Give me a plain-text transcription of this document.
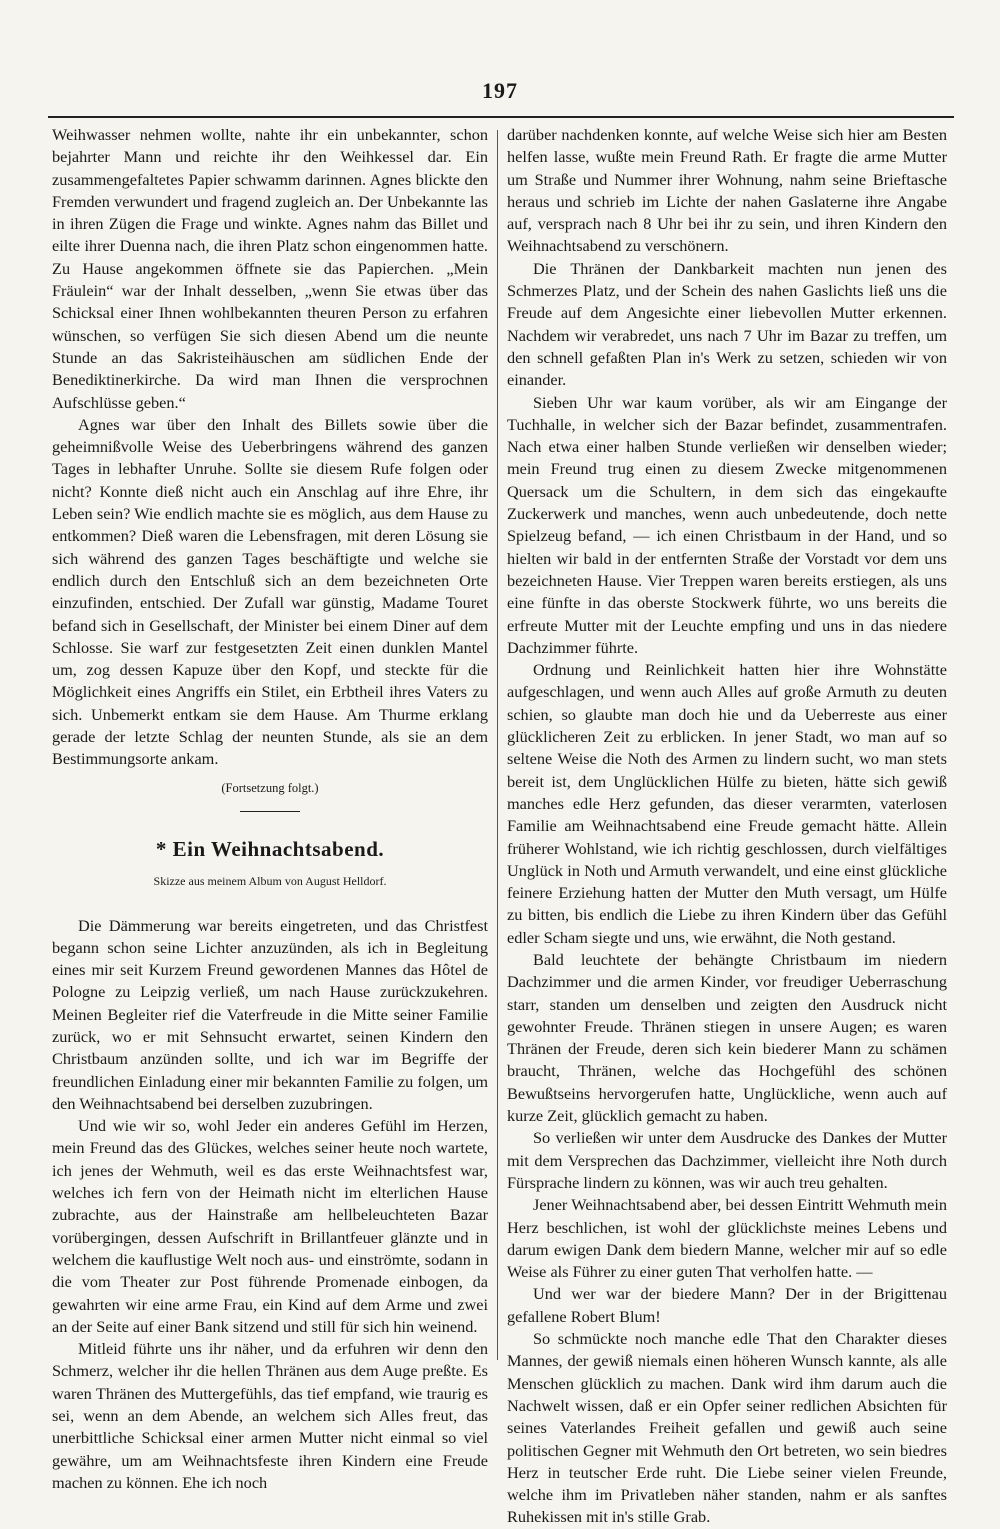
197

Weihwasser nehmen wollte, nahte ihr ein unbekannter, schon bejahrter Mann und reichte ihr den Weihkessel dar. Ein zusammengefaltetes Papier schwamm darinnen. Agnes blickte den Fremden verwundert und fragend zugleich an. Der Unbekannte las in ihren Zügen die Frage und winkte. Agnes nahm das Billet und eilte ihrer Duenna nach, die ihren Platz schon eingenommen hatte. Zu Hause angekommen öffnete sie das Papierchen. „Mein Fräulein“ war der Inhalt desselben, „wenn Sie etwas über das Schicksal einer Ihnen wohlbekannten theuren Person zu erfahren wünschen, so verfügen Sie sich diesen Abend um die neunte Stunde an das Sakristeihäuschen am südlichen Ende der Benediktinerkirche. Da wird man Ihnen die versprochnen Aufschlüsse geben.“

Agnes war über den Inhalt des Billets sowie über die geheimnißvolle Weise des Ueberbringens während des ganzen Tages in lebhafter Unruhe. Sollte sie diesem Rufe folgen oder nicht? Konnte dieß nicht auch ein Anschlag auf ihre Ehre, ihr Leben sein? Wie endlich machte sie es möglich, aus dem Hause zu entkommen? Dieß waren die Lebensfragen, mit deren Lösung sie sich während des ganzen Tages beschäftigte und welche sie endlich durch den Entschluß sich an dem bezeichneten Orte einzufinden, entschied. Der Zufall war günstig, Madame Touret befand sich in Gesellschaft, der Minister bei einem Diner auf dem Schlosse. Sie warf zur festgesetzten Zeit einen dunklen Mantel um, zog dessen Kapuze über den Kopf, und steckte für die Möglichkeit eines Angriffs ein Stilet, ein Erbtheil ihres Vaters zu sich. Unbemerkt entkam sie dem Hause. Am Thurme erklang gerade der letzte Schlag der neunten Stunde, als sie an dem Bestimmungsorte ankam.

(Fortsetzung folgt.)

* Ein Weihnachtsabend.

Skizze aus meinem Album von August Helldorf.

Die Dämmerung war bereits eingetreten, und das Christfest begann schon seine Lichter anzuzünden, als ich in Begleitung eines mir seit Kurzem Freund gewordenen Mannes das Hôtel de Pologne zu Leipzig verließ, um nach Hause zurückzukehren. Meinen Begleiter rief die Vaterfreude in die Mitte seiner Familie zurück, wo er mit Sehnsucht erwartet, seinen Kindern den Christbaum anzünden sollte, und ich war im Begriffe der freundlichen Einladung einer mir bekannten Familie zu folgen, um den Weihnachtsabend bei derselben zuzubringen.

Und wie wir so, wohl Jeder ein anderes Gefühl im Herzen, mein Freund das des Glückes, welches seiner heute noch wartete, ich jenes der Wehmuth, weil es das erste Weihnachtsfest war, welches ich fern von der Heimath nicht im elterlichen Hause zubrachte, aus der Hainstraße am hellbeleuchteten Bazar vorübergingen, dessen Aufschrift in Brillantfeuer glänzte und in welchem die kauflustige Welt noch aus- und einströmte, sodann in die vom Theater zur Post führende Promenade einbogen, da gewahrten wir eine arme Frau, ein Kind auf dem Arme und zwei an der Seite auf einer Bank sitzend und still für sich hin weinend.

Mitleid führte uns ihr näher, und da erfuhren wir denn den Schmerz, welcher ihr die hellen Thränen aus dem Auge preßte. Es waren Thränen des Muttergefühls, das tief empfand, wie traurig es sei, wenn an dem Abende, an welchem sich Alles freut, das unerbittliche Schicksal einer armen Mutter nicht einmal so viel gewähre, um am Weihnachtsfeste ihren Kindern eine Freude machen zu können. Ehe ich noch

darüber nachdenken konnte, auf welche Weise sich hier am Besten helfen lasse, wußte mein Freund Rath. Er fragte die arme Mutter um Straße und Nummer ihrer Wohnung, nahm seine Brieftasche heraus und schrieb im Lichte der nahen Gaslaterne ihre Angabe auf, versprach nach 8 Uhr bei ihr zu sein, und ihren Kindern den Weihnachtsabend zu verschönern.

Die Thränen der Dankbarkeit machten nun jenen des Schmerzes Platz, und der Schein des nahen Gaslichts ließ uns die Freude auf dem Angesichte einer liebevollen Mutter erkennen. Nachdem wir verabredet, uns nach 7 Uhr im Bazar zu treffen, um den schnell gefaßten Plan in's Werk zu setzen, schieden wir von einander.

Sieben Uhr war kaum vorüber, als wir am Eingange der Tuchhalle, in welcher sich der Bazar befindet, zusammentrafen. Nach etwa einer halben Stunde verließen wir denselben wieder; mein Freund trug einen zu diesem Zwecke mitgenommenen Quersack um die Schultern, in dem sich das eingekaufte Zuckerwerk und manches, wenn auch unbedeutende, doch nette Spielzeug befand, — ich einen Christbaum in der Hand, und so hielten wir bald in der entfernten Straße der Vorstadt vor dem uns bezeichneten Hause. Vier Treppen waren bereits erstiegen, als uns eine fünfte in das oberste Stockwerk führte, wo uns bereits die erfreute Mutter mit der Leuchte empfing und uns in das niedere Dachzimmer führte.

Ordnung und Reinlichkeit hatten hier ihre Wohnstätte aufgeschlagen, und wenn auch Alles auf große Armuth zu deuten schien, so glaubte man doch hie und da Ueberreste aus einer glücklicheren Zeit zu erblicken. In jener Stadt, wo man auf so seltene Weise die Noth des Armen zu lindern sucht, wo man stets bereit ist, dem Unglücklichen Hülfe zu bieten, hätte sich gewiß manches edle Herz gefunden, das dieser verarmten, vaterlosen Familie am Weihnachtsabend eine Freude gemacht hätte. Allein früherer Wohlstand, wie ich richtig geschlossen, durch vielfältiges Unglück in Noth und Armuth verwandelt, und eine einst glückliche feinere Erziehung hatten der Mutter den Muth versagt, um Hülfe zu bitten, bis endlich die Liebe zu ihren Kindern über das Gefühl edler Scham siegte und uns, wie erwähnt, die Noth gestand.

Bald leuchtete der behängte Christbaum im niedern Dachzimmer und die armen Kinder, vor freudiger Ueberraschung starr, standen um denselben und zeigten den Ausdruck nicht gewohnter Freude. Thränen stiegen in unsere Augen; es waren Thränen der Freude, deren sich kein biederer Mann zu schämen braucht, Thränen, welche das Hochgefühl des schönen Bewußtseins hervorgerufen hatte, Unglückliche, wenn auch auf kurze Zeit, glücklich gemacht zu haben.

So verließen wir unter dem Ausdrucke des Dankes der Mutter mit dem Versprechen das Dachzimmer, vielleicht ihre Noth durch Fürsprache lindern zu können, was wir auch treu gehalten.

Jener Weihnachtsabend aber, bei dessen Eintritt Wehmuth mein Herz beschlichen, ist wohl der glücklichste meines Lebens und darum ewigen Dank dem biedern Manne, welcher mir auf so edle Weise als Führer zu einer guten That verholfen hatte. —

Und wer war der biedere Mann? Der in der Brigittenau gefallene Robert Blum!

So schmückte noch manche edle That den Charakter dieses Mannes, der gewiß niemals einen höheren Wunsch kannte, als alle Menschen glücklich zu machen. Dank wird ihm darum auch die Nachwelt wissen, daß er ein Opfer seiner redlichen Absichten für seines Vaterlandes Freiheit gefallen und gewiß auch seine politischen Gegner mit Wehmuth den Ort betreten, wo sein biedres Herz in teutscher Erde ruht. Die Liebe seiner vielen Freunde, welche ihm im Privatleben näher standen, nahm er als sanftes Ruhekissen mit in's stille Grab.
